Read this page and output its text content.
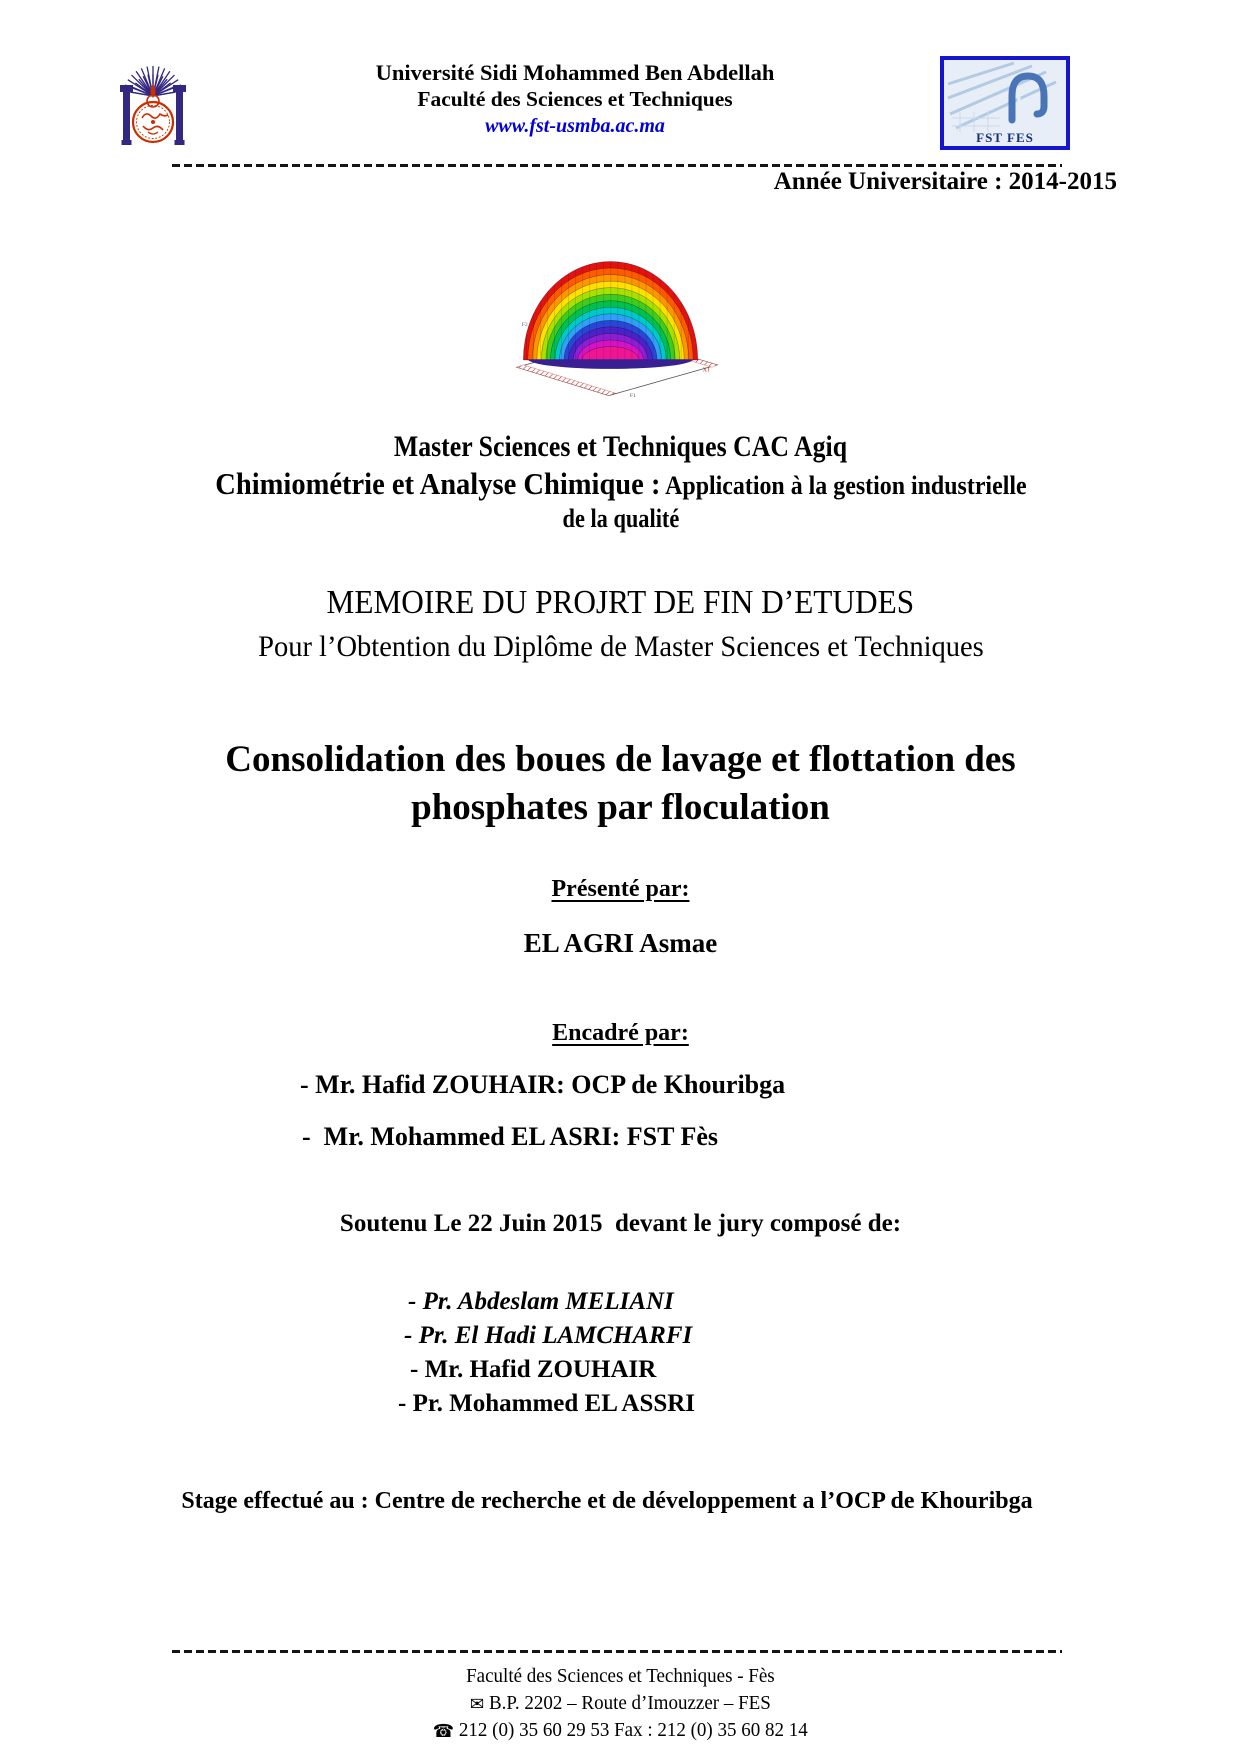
Université Sidi Mohammed Ben Abdellah
Faculté des Sciences et Techniques
www.fst-usmba.ac.ma
FST FES
Année Universitaire : 2014-2015
F2
X1
F1
Master Sciences et Techniques CAC Agiq
Chimiométrie et Analyse Chimique : Application à la gestion industrielle
de la qualité
MEMOIRE DU PROJRT DE FIN D’ETUDES
Pour l’Obtention du Diplôme de Master Sciences et Techniques
Consolidation des boues de lavage et flottation des
phosphates par floculation
Présenté par:
EL AGRI Asmae
Encadré par:
- Mr. Hafid ZOUHAIR: OCP de Khouribga
-  Mr. Mohammed EL ASRI: FST Fès
Soutenu Le 22 Juin 2015  devant le jury composé de:
- Pr. Abdeslam MELIANI
- Pr. El Hadi LAMCHARFI
- Mr. Hafid ZOUHAIR
- Pr. Mohammed EL ASSRI
Stage effectué au : Centre de recherche et de développement a l’OCP de Khouribga
Faculté des Sciences et Techniques - Fès
✉ B.P. 2202 – Route d’Imouzzer – FES
☎ 212 (0) 35 60 29 53 Fax : 212 (0) 35 60 82 14
